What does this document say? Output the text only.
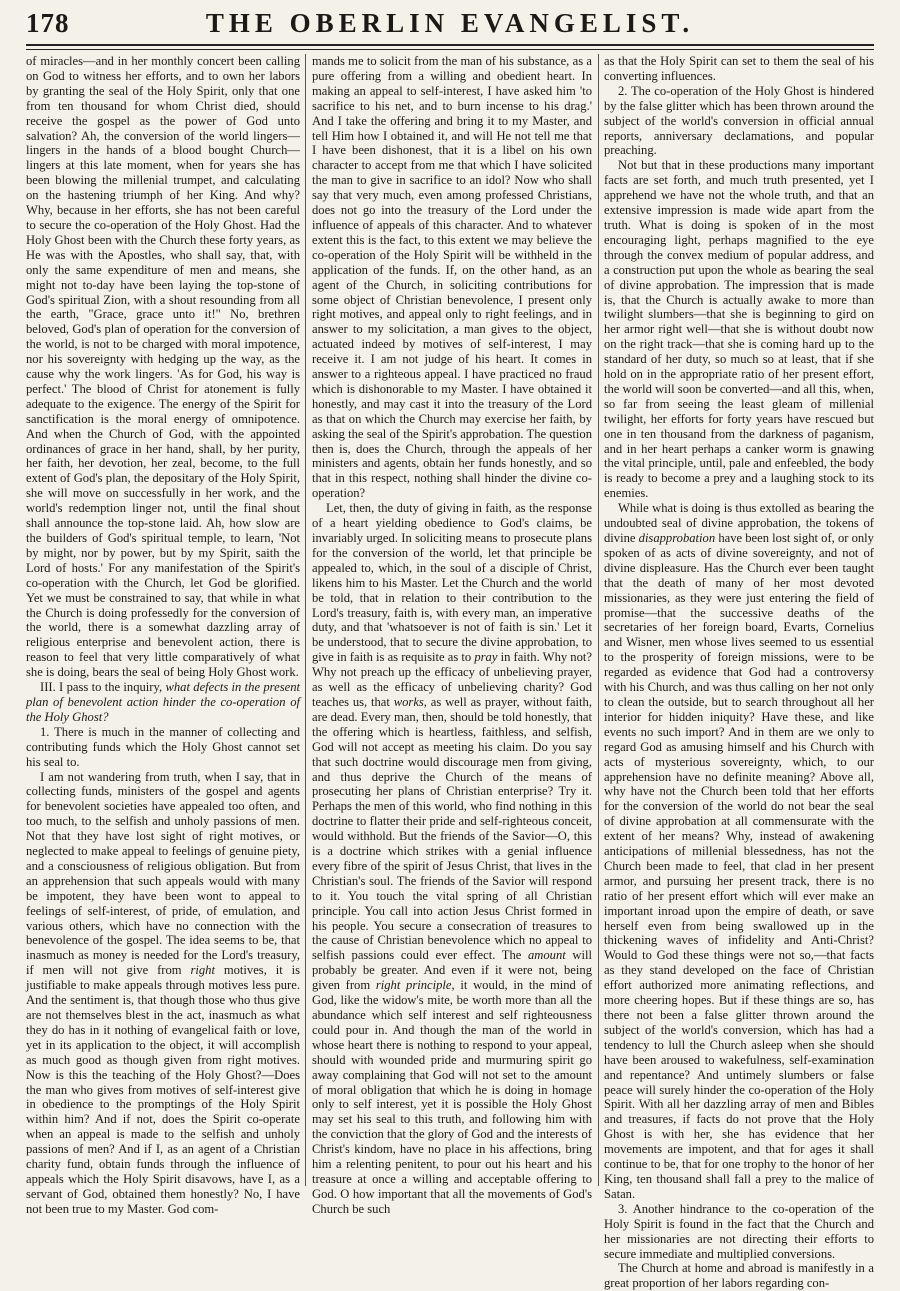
178	THE OBERLIN EVANGELIST.

of miracles—and in her monthly concert been calling on God to witness her efforts, and to own her labors by granting the seal of the Holy Spirit, only that one from ten thousand for whom Christ died, should receive the gospel as the power of God unto salvation? Ah, the conversion of the world lingers—lingers in the hands of a blood bought Church—lingers at this late moment, when for years she has been blowing the millenial trumpet, and calculating on the hastening triumph of her King. And why? Why, because in her efforts, she has not been careful to secure the co-operation of the Holy Ghost. Had the Holy Ghost been with the Church these forty years, as He was with the Apostles, who shall say, that, with only the same expenditure of men and means, she might not to-day have been laying the top-stone of God's spiritual Zion, with a shout resounding from all the earth, "Grace, grace unto it!" No, brethren beloved, God's plan of operation for the conversion of the world, is not to be charged with moral impotence, nor his sovereignty with hedging up the way, as the cause why the work lingers. 'As for God, his way is perfect.' The blood of Christ for atonement is fully adequate to the exigence. The energy of the Spirit for sanctification is the moral energy of omnipotence. And when the Church of God, with the appointed ordinances of grace in her hand, shall, by her purity, her faith, her devotion, her zeal, become, to the full extent of God's plan, the depositary of the Holy Spirit, she will move on successfully in her work, and the world's redemption linger not, until the final shout shall announce the top-stone laid. Ah, how slow are the builders of God's spiritual temple, to learn, 'Not by might, nor by power, but by my Spirit, saith the Lord of hosts.' For any manifestation of the Spirit's co-operation with the Church, let God be glorified. Yet we must be constrained to say, that while in what the Church is doing professedly for the conversion of the world, there is a somewhat dazzling array of religious enterprise and benevolent action, there is reason to feel that very little comparatively of what she is doing, bears the seal of being Holy Ghost work.

III. I pass to the inquiry, what defects in the present plan of benevolent action hinder the co-operation of the Holy Ghost?

1. There is much in the manner of collecting and contributing funds which the Holy Ghost cannot set his seal to.

I am not wandering from truth, when I say, that in collecting funds, ministers of the gospel and agents for benevolent societies have appealed too often, and too much, to the selfish and unholy passions of men. Not that they have lost sight of right motives, or neglected to make appeal to feelings of genuine piety, and a consciousness of religious obligation. But from an apprehension that such appeals would with many be impotent, they have been wont to appeal to feelings of self-interest, of pride, of emulation, and various others, which have no connection with the benevolence of the gospel. The idea seems to be, that inasmuch as money is needed for the Lord's treasury, if men will not give from right motives, it is justifiable to make appeals through motives less pure. And the sentiment is, that though those who thus give are not themselves blest in the act, inasmuch as what they do has in it nothing of evangelical faith or love, yet in its application to the object, it will accomplish as much good as though given from right motives. Now is this the teaching of the Holy Ghost?—Does the man who gives from motives of self-interest give in obedience to the promptings of the Holy Spirit within him? And if not, does the Spirit co-operate when an appeal is made to the selfish and unholy passions of men? And if I, as an agent of a Christian charity fund, obtain funds through the influence of appeals which the Holy Spirit disavows, have I, as a servant of God, obtained them honestly? No, I have not been true to my Master. God com-

mands me to solicit from the man of his substance, as a pure offering from a willing and obedient heart. In making an appeal to self-interest, I have asked him 'to sacrifice to his net, and to burn incense to his drag.' And I take the offering and bring it to my Master, and tell Him how I obtained it, and will He not tell me that I have been dishonest, that it is a libel on his own character to accept from me that which I have solicited the man to give in sacrifice to an idol? Now who shall say that very much, even among professed Christians, does not go into the treasury of the Lord under the influence of appeals of this character. And to whatever extent this is the fact, to this extent we may believe the co-operation of the Holy Spirit will be withheld in the application of the funds. If, on the other hand, as an agent of the Church, in soliciting contributions for some object of Christian benevolence, I present only right motives, and appeal only to right feelings, and in answer to my solicitation, a man gives to the object, actuated indeed by motives of self-interest, I may receive it. I am not judge of his heart. It comes in answer to a righteous appeal. I have practiced no fraud which is dishonorable to my Master. I have obtained it honestly, and may cast it into the treasury of the Lord as that on which the Church may exercise her faith, by asking the seal of the Spirit's approbation. The question then is, does the Church, through the appeals of her ministers and agents, obtain her funds honestly, and so that in this respect, nothing shall hinder the divine co-operation?

Let, then, the duty of giving in faith, as the response of a heart yielding obedience to God's claims, be invariably urged. In soliciting means to prosecute plans for the conversion of the world, let that principle be appealed to, which, in the soul of a disciple of Christ, likens him to his Master. Let the Church and the world be told, that in relation to their contribution to the Lord's treasury, faith is, with every man, an imperative duty, and that 'whatsoever is not of faith is sin.' Let it be understood, that to secure the divine approbation, to give in faith is as requisite as to pray in faith. Why not? Why not preach up the efficacy of unbelieving prayer, as well as the efficacy of unbelieving charity? God teaches us, that works, as well as prayer, without faith, are dead. Every man, then, should be told honestly, that the offering which is heartless, faithless, and selfish, God will not accept as meeting his claim. Do you say that such doctrine would discourage men from giving, and thus deprive the Church of the means of prosecuting her plans of Christian enterprise? Try it. Perhaps the men of this world, who find nothing in this doctrine to flatter their pride and self-righteous conceit, would withhold. But the friends of the Savior—O, this is a doctrine which strikes with a genial influence every fibre of the spirit of Jesus Christ, that lives in the Christian's soul. The friends of the Savior will respond to it. You touch the vital spring of all Christian principle. You call into action Jesus Christ formed in his people. You secure a consecration of treasures to the cause of Christian benevolence which no appeal to selfish passions could ever effect. The amount will probably be greater. And even if it were not, being given from right principle, it would, in the mind of God, like the widow's mite, be worth more than all the abundance which self interest and self righteousness could pour in. And though the man of the world in whose heart there is nothing to respond to your appeal, should with wounded pride and murmuring spirit go away complaining that God will not set to the amount of moral obligation that which he is doing in homage only to self interest, yet it is possible the Holy Ghost may set his seal to this truth, and following him with the conviction that the glory of God and the interests of Christ's kindom, have no place in his affections, bring him a relenting penitent, to pour out his heart and his treasure at once a willing and acceptable offering to God. O how important that all the movements of God's Church be such

as that the Holy Spirit can set to them the seal of his converting influences.

2. The co-operation of the Holy Ghost is hindered by the false glitter which has been thrown around the subject of the world's conversion in official annual reports, anniversary declamations, and popular preaching.

Not but that in these productions many important facts are set forth, and much truth presented, yet I apprehend we have not the whole truth, and that an extensive impression is made wide apart from the truth. What is doing is spoken of in the most encouraging light, perhaps magnified to the eye through the convex medium of popular address, and a construction put upon the whole as bearing the seal of divine approbation. The impression that is made is, that the Church is actually awake to more than twilight slumbers—that she is beginning to gird on her armor right well—that she is without doubt now on the right track—that she is coming hard up to the standard of her duty, so much so at least, that if she hold on in the appropriate ratio of her present effort, the world will soon be converted—and all this, when, so far from seeing the least gleam of millenial twilight, her efforts for forty years have rescued but one in ten thousand from the darkness of paganism, and in her heart perhaps a canker worm is gnawing the vital principle, until, pale and enfeebled, the body is ready to become a prey and a laughing stock to its enemies.

While what is doing is thus extolled as bearing the undoubted seal of divine approbation, the tokens of divine disapprobation have been lost sight of, or only spoken of as acts of divine sovereignty, and not of divine displeasure. Has the Church ever been taught that the death of many of her most devoted missionaries, as they were just entering the field of promise—that the successive deaths of the secretaries of her foreign board, Evarts, Cornelius and Wisner, men whose lives seemed to us essential to the prosperity of foreign missions, were to be regarded as evidence that God had a controversy with his Church, and was thus calling on her not only to clean the outside, but to search throughout all her interior for hidden iniquity? Have these, and like events no such import? And in them are we only to regard God as amusing himself and his Church with acts of mysterious sovereignty, which, to our apprehension have no definite meaning? Above all, why have not the Church been told that her efforts for the conversion of the world do not bear the seal of divine approbation at all commensurate with the extent of her means? Why, instead of awakening anticipations of millenial blessedness, has not the Church been made to feel, that clad in her present armor, and pursuing her present track, there is no ratio of her present effort which will ever make an important inroad upon the empire of death, or save herself even from being swallowed up in the thickening waves of infidelity and Anti-Christ? Would to God these things were not so,—that facts as they stand developed on the face of Christian effort authorized more animating reflections, and more cheering hopes. But if these things are so, has there not been a false glitter thrown around the subject of the world's conversion, which has had a tendency to lull the Church asleep when she should have been aroused to wakefulness, self-examination and repentance? And untimely slumbers or false peace will surely hinder the co-operation of the Holy Spirit. With all her dazzling array of men and Bibles and treasures, if facts do not prove that the Holy Ghost is with her, she has evidence that her movements are impotent, and that for ages it shall continue to be, that for one trophy to the honor of her King, ten thousand shall fall a prey to the malice of Satan.

3. Another hindrance to the co-operation of the Holy Spirit is found in the fact that the Church and her missionaries are not directing their efforts to secure immediate and multiplied conversions.

The Church at home and abroad is manifestly in a great proportion of her labors regarding con-
